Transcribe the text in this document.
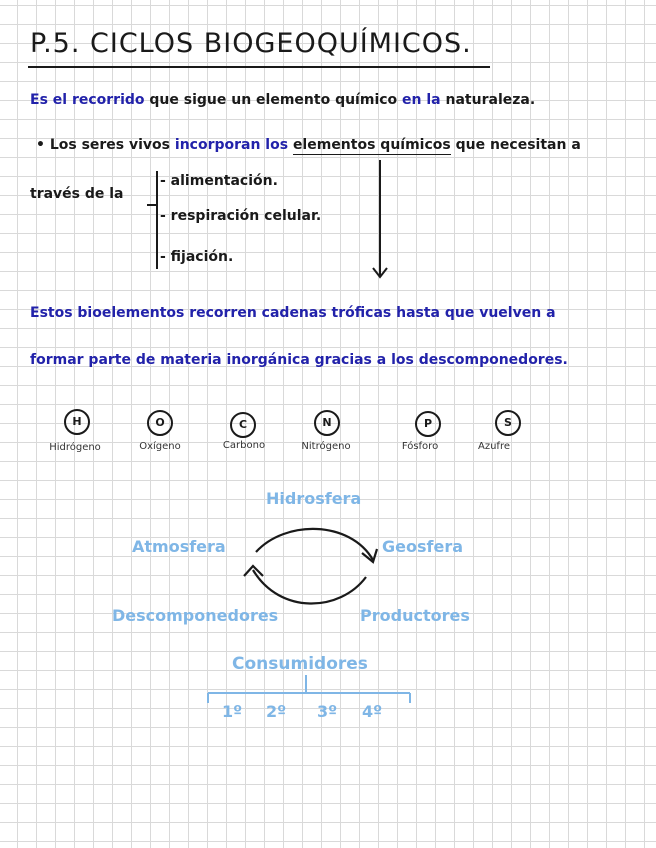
P.5. CICLOS BIOGEOQUÍMICOS.
Es el recorrido que sigue un elemento químico en la naturaleza.
• Los seres vivos incorporan los elementos químicos que necesitan a
través de la
- alimentación.
- respiración celular.
- fijación.
Estos bioelementos recorren cadenas tróficas hasta que vuelven a
formar parte de materia inorgánica gracias a los descomponedores.
H
Hidrógeno
O
Oxígeno
C
Carbono
N
Nitrógeno
P
Fósforo
S
Azufre
Hidrosfera
Atmosfera	Geosfera
Descomponedores	Productores
Consumidores
1º 2º 3º 4º
